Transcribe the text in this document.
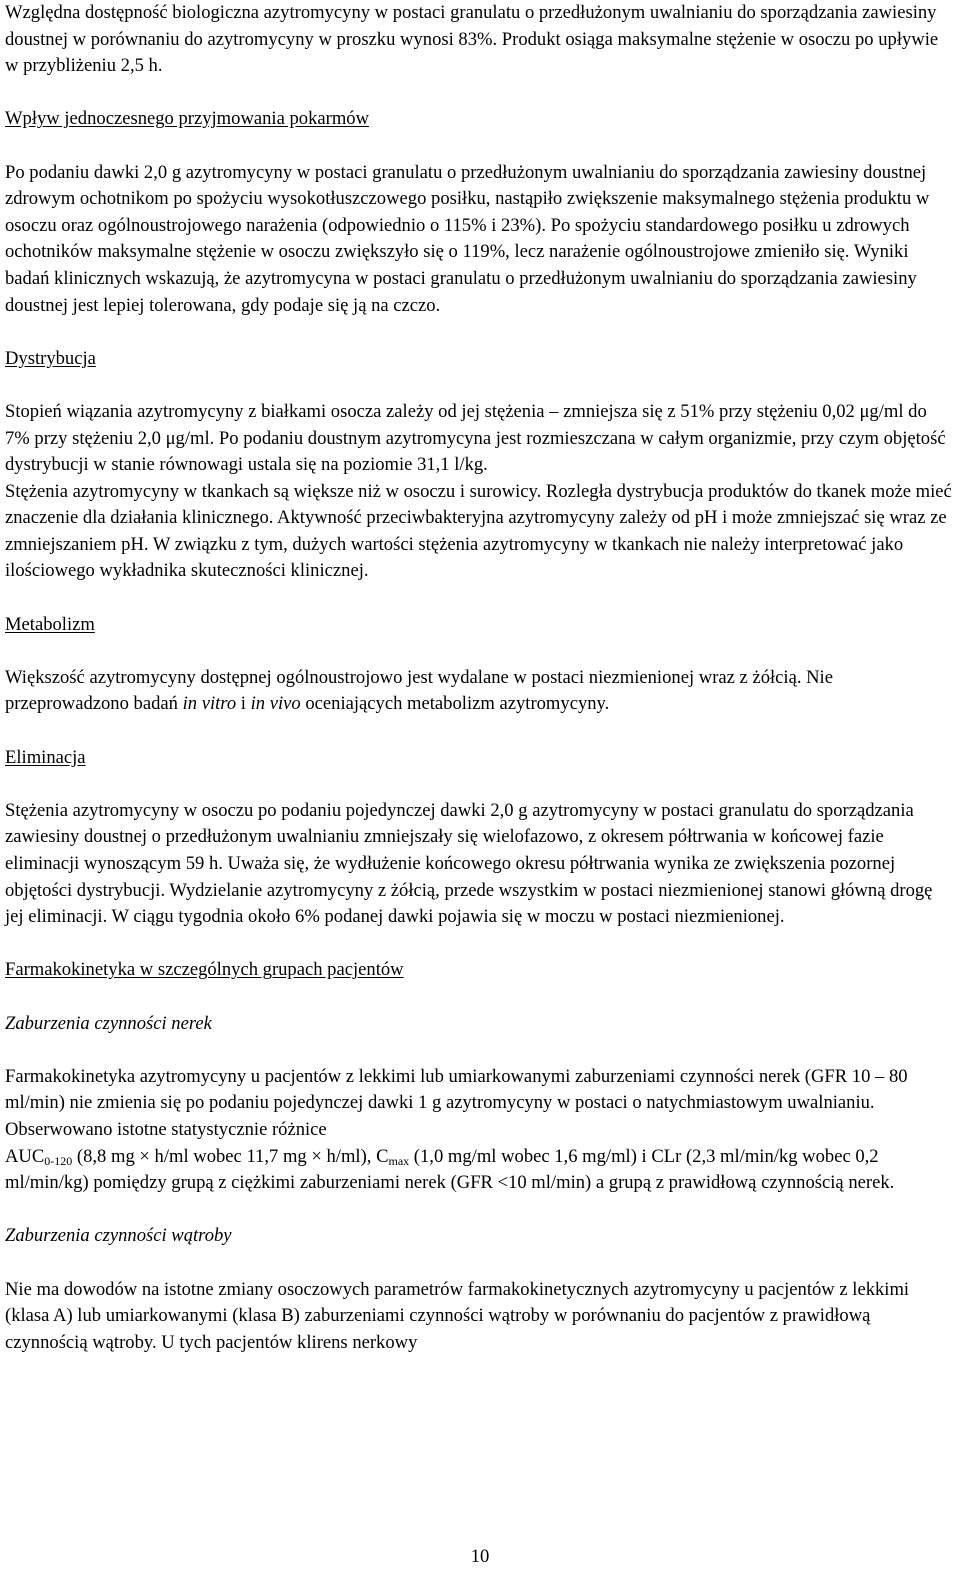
Względna dostępność biologiczna azytromycyny w postaci granulatu o przedłużonym uwalnianiu do sporządzania zawiesiny doustnej w porównaniu do azytromycyny w proszku wynosi 83%. Produkt osiąga maksymalne stężenie w osoczu po upływie w przybliżeniu 2,5 h.

Wpływ jednoczesnego przyjmowania pokarmów

Po podaniu dawki 2,0 g azytromycyny w postaci granulatu o przedłużonym uwalnianiu do sporządzania zawiesiny doustnej zdrowym ochotnikom po spożyciu wysokotłuszczowego posiłku, nastąpiło zwiększenie maksymalnego stężenia produktu w osoczu oraz ogólnoustrojowego narażenia (odpowiednio o 115% i 23%). Po spożyciu standardowego posiłku u zdrowych ochotników maksymalne stężenie w osoczu zwiększyło się o 119%, lecz narażenie ogólnoustrojowe zmieniło się. Wyniki badań klinicznych wskazują, że azytromycyna w postaci granulatu o przedłużonym uwalnianiu do sporządzania zawiesiny doustnej jest lepiej tolerowana, gdy podaje się ją na czczo.

Dystrybucja

Stopień wiązania azytromycyny z białkami osocza zależy od jej stężenia – zmniejsza się z 51% przy stężeniu 0,02 μg/ml do 7% przy stężeniu 2,0 μg/ml. Po podaniu doustnym azytromycyna jest rozmieszczana w całym organizmie, przy czym objętość dystrybucji w stanie równowagi ustala się na poziomie 31,1 l/kg.

Stężenia azytromycyny w tkankach są większe niż w osoczu i surowicy. Rozległa dystrybucja produktów do tkanek może mieć znaczenie dla działania klinicznego. Aktywność przeciwbakteryjna azytromycyny zależy od pH i może zmniejszać się wraz ze zmniejszaniem pH. W związku z tym, dużych wartości stężenia azytromycyny w tkankach nie należy interpretować jako ilościowego wykładnika skuteczności klinicznej.

Metabolizm

Większość azytromycyny dostępnej ogólnoustrojowo jest wydalane w postaci niezmienionej wraz z żółcią. Nie przeprowadzono badań in vitro i in vivo oceniających metabolizm azytromycyny.

Eliminacja

Stężenia azytromycyny w osoczu po podaniu pojedynczej dawki 2,0 g azytromycyny w postaci granulatu do sporządzania zawiesiny doustnej o przedłużonym uwalnianiu zmniejszały się wielofazowo, z okresem półtrwania w końcowej fazie eliminacji wynoszącym 59 h. Uważa się, że wydłużenie końcowego okresu półtrwania wynika ze zwiększenia pozornej objętości dystrybucji. Wydzielanie azytromycyny z żółcią, przede wszystkim w postaci niezmienionej stanowi główną drogę jej eliminacji. W ciągu tygodnia około 6% podanej dawki pojawia się w moczu w postaci niezmienionej.

Farmakokinetyka w szczególnych grupach pacjentów

Zaburzenia czynności nerek

Farmakokinetyka azytromycyny u pacjentów z lekkimi lub umiarkowanymi zaburzeniami czynności nerek (GFR 10 – 80 ml/min) nie zmienia się po podaniu pojedynczej dawki 1 g azytromycyny w postaci o natychmiastowym uwalnianiu. Obserwowano istotne statystycznie różnice
$AUC_{0-120}$ (8,8 mg × h/ml wobec 11,7 mg × h/ml), $C_{max}$ (1,0 mg/ml wobec 1,6 mg/ml) i CLr (2,3 ml/min/kg wobec 0,2 ml/min/kg) pomiędzy grupą z ciężkimi zaburzeniami nerek (GFR <10 ml/min) a grupą z prawidłową czynnością nerek.

Zaburzenia czynności wątroby

Nie ma dowodów na istotne zmiany osoczowych parametrów farmakokinetycznych azytromycyny u pacjentów z lekkimi (klasa A) lub umiarkowanymi (klasa B) zaburzeniami czynności wątroby w porównaniu do pacjentów z prawidłową czynnością wątroby. U tych pacjentów klirens nerkowy

10
